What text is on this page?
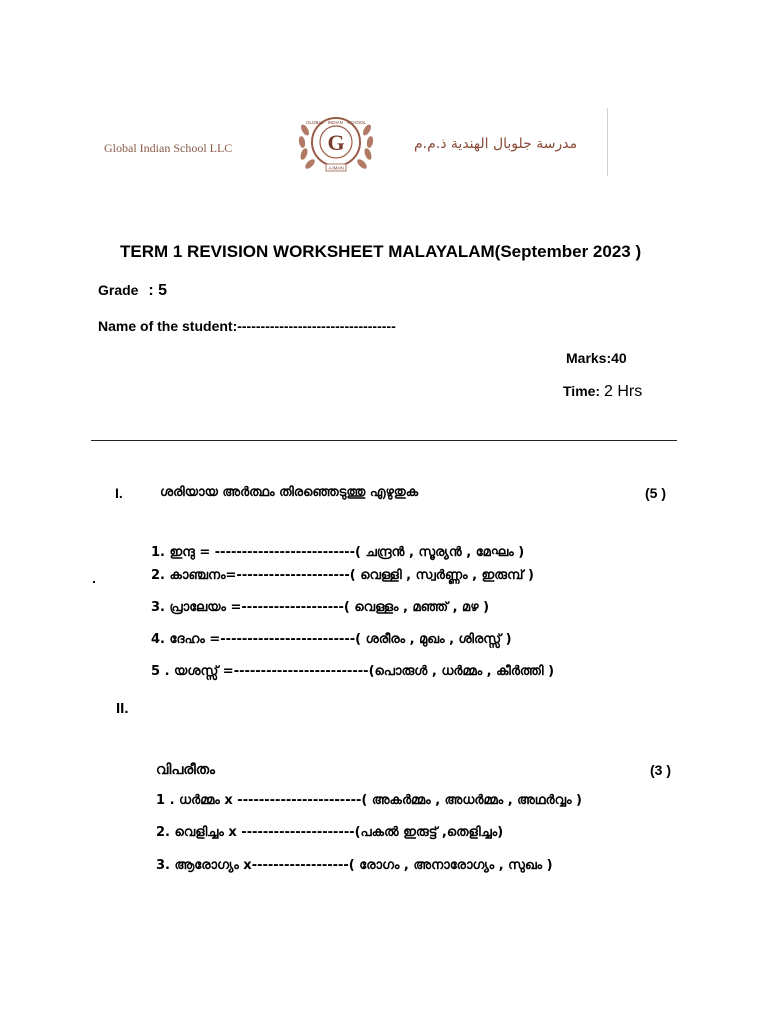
Global Indian School LLC	G
GLOBAL · INDIAN · SCHOOL
AJMAN
مدرسة جلوبال الهندية ذ.م.م
TERM 1 REVISION WORKSHEET MALAYALAM(September 2023 )
Grade : 5
Name of the student:----------------------------------
Marks:40
Time: 2 Hrs
I.	ശരിയായ അർത്ഥം തിരഞ്ഞെടുത്തു എഴുതുക	(5 )
.
1. ഇന്ദു = --------------------------( ചന്ദ്രൻ , സൂര്യൻ , മേഘം )
2. കാഞ്ചനം=---------------------( വെള്ളി , സ്വർണ്ണം , ഇരുമ്പ് )
3. പ്രാലേയം =-------------------( വെള്ളം , മഞ്ഞ് , മഴ )
4. ദേഹം =-------------------------( ശരീരം , മുഖം , ശിരസ്സ് )
5 . യശസ്സ് =-------------------------(പൊരുൾ , ധർമ്മം , കീർത്തി )
II.
വിപരീതം	(3 )
1 . ധർമ്മം x -----------------------( അകർമ്മം , അധർമ്മം , അഥർവ്വം )
2. വെളിച്ചം x ---------------------(പകൽ ഇരുട്ട് ,തെളിച്ചം)
3. ആരോഗ്യം x------------------( രോഗം , അനാരോഗ്യം , സുഖം )
